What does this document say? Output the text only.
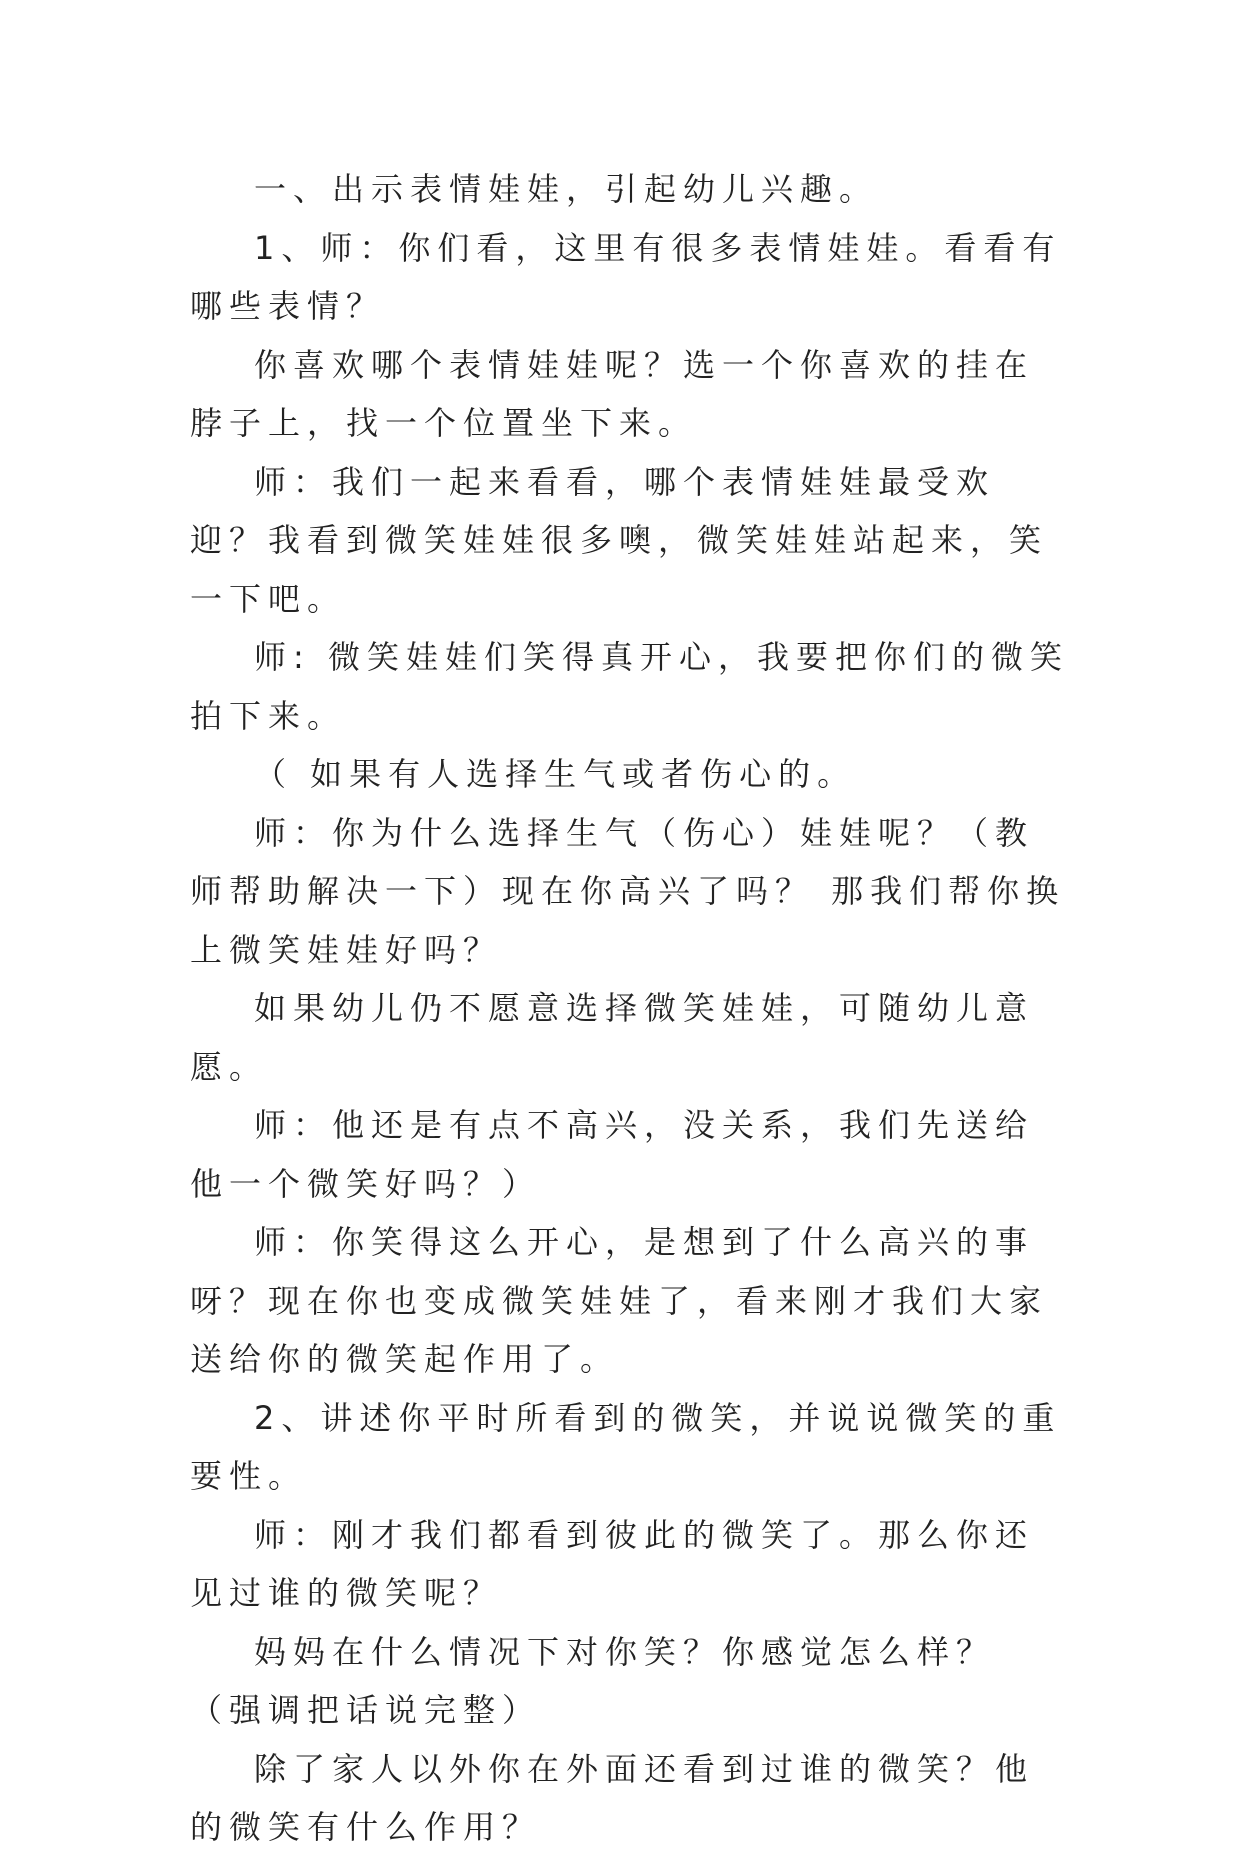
一、出示表情娃娃，引起幼儿兴趣。

1、师：你们看，这里有很多表情娃娃。看看有哪些表情？

你喜欢哪个表情娃娃呢？选一个你喜欢的挂在脖子上，找一个位置坐下来。

师：我们一起来看看，哪个表情娃娃最受欢迎？我看到微笑娃娃很多噢，微笑娃娃站起来，笑一下吧。

师: 微笑娃娃们笑得真开心，我要把你们的微笑拍下来。

（ 如果有人选择生气或者伤心的。

师：你为什么选择生气（伤心）娃娃呢？（教师帮助解决一下）现在你高兴了吗？ 那我们帮你换上微笑娃娃好吗？

如果幼儿仍不愿意选择微笑娃娃，可随幼儿意愿。

师：他还是有点不高兴，没关系，我们先送给他一个微笑好吗？）

师：你笑得这么开心，是想到了什么高兴的事呀？现在你也变成微笑娃娃了，看来刚才我们大家送给你的微笑起作用了。

2、讲述你平时所看到的微笑，并说说微笑的重要性。

师：刚才我们都看到彼此的微笑了。那么你还见过谁的微笑呢？

妈妈在什么情况下对你笑？你感觉怎么样？（强调把话说完整）

除了家人以外你在外面还看到过谁的微笑？他的微笑有什么作用？
